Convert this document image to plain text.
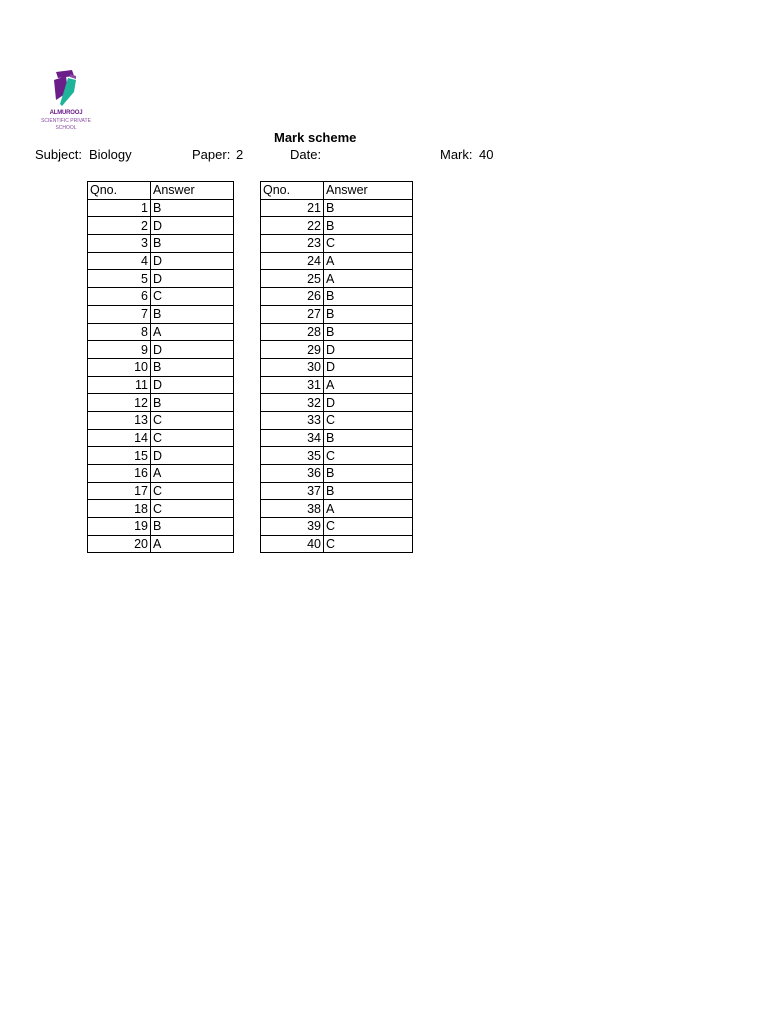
ALMUROOJ
SCIENTIFIC PRIVATE SCHOOL
Mark scheme
Subject: Biology	Paper: 2	Date:	Mark: 40
Qno.	Answer
1	B
2	D
3	B
4	D
5	D
6	C
7	B
8	A
9	D
10	B
11	D
12	B
13	C
14	C
15	D
16	A
17	C
18	C
19	B
20	A
Qno.	Answer
21	B
22	B
23	C
24	A
25	A
26	B
27	B
28	B
29	D
30	D
31	A
32	D
33	C
34	B
35	C
36	B
37	B
38	A
39	C
40	C
